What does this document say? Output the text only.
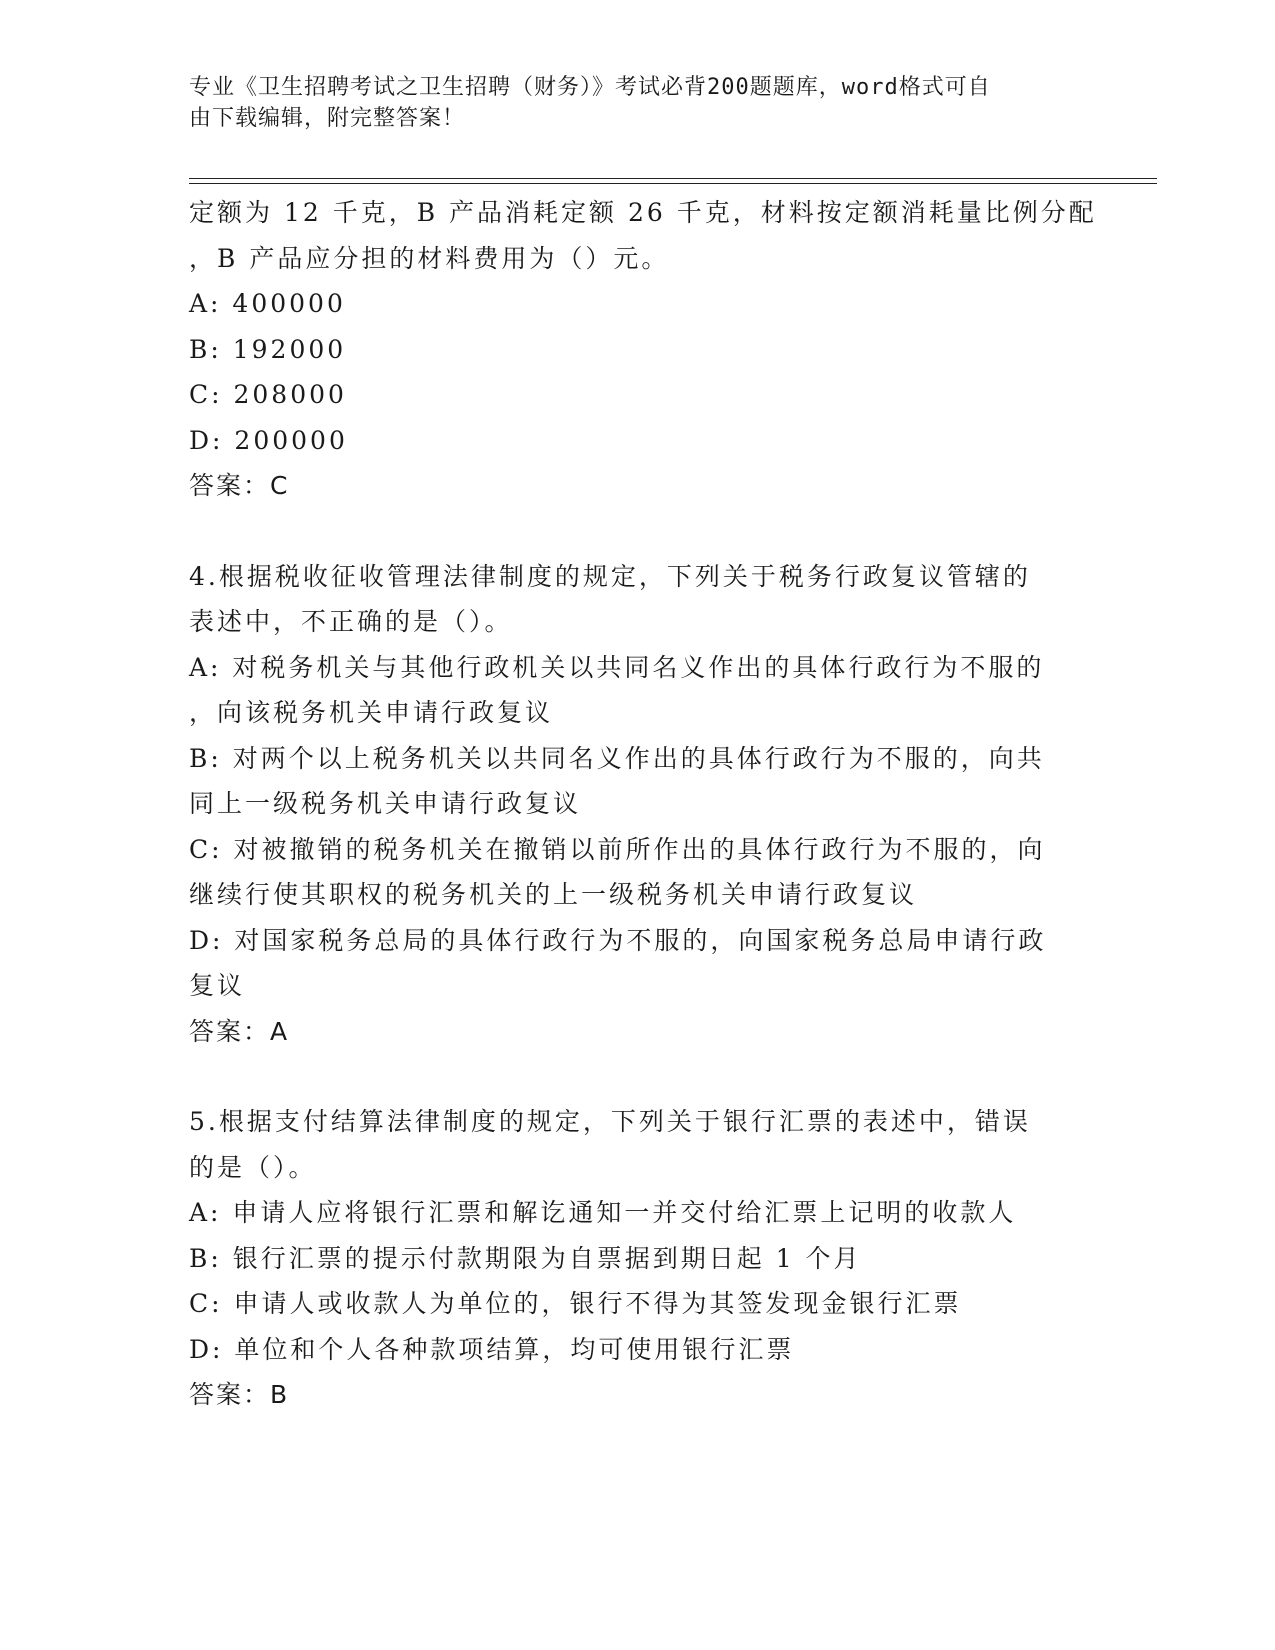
专业《卫生招聘考试之卫生招聘（财务）》考试必背200题题库，word格式可自
由下载编辑，附完整答案！
定额为 12 千克，B 产品消耗定额 26 千克，材料按定额消耗量比例分配
，B 产品应分担的材料费用为（）元。
A: 400000
B: 192000
C: 208000
D: 200000
答案：C
4.根据税收征收管理法律制度的规定，下列关于税务行政复议管辖的
表述中，不正确的是（）。
A: 对税务机关与其他行政机关以共同名义作出的具体行政行为不服的
，向该税务机关申请行政复议
B: 对两个以上税务机关以共同名义作出的具体行政行为不服的，向共
同上一级税务机关申请行政复议
C: 对被撤销的税务机关在撤销以前所作出的具体行政行为不服的，向
继续行使其职权的税务机关的上一级税务机关申请行政复议
D: 对国家税务总局的具体行政行为不服的，向国家税务总局申请行政
复议
答案：A
5.根据支付结算法律制度的规定，下列关于银行汇票的表述中，错误
的是（）。
A: 申请人应将银行汇票和解讫通知一并交付给汇票上记明的收款人
B: 银行汇票的提示付款期限为自票据到期日起 1 个月
C: 申请人或收款人为单位的，银行不得为其签发现金银行汇票
D: 单位和个人各种款项结算，均可使用银行汇票
答案：B
